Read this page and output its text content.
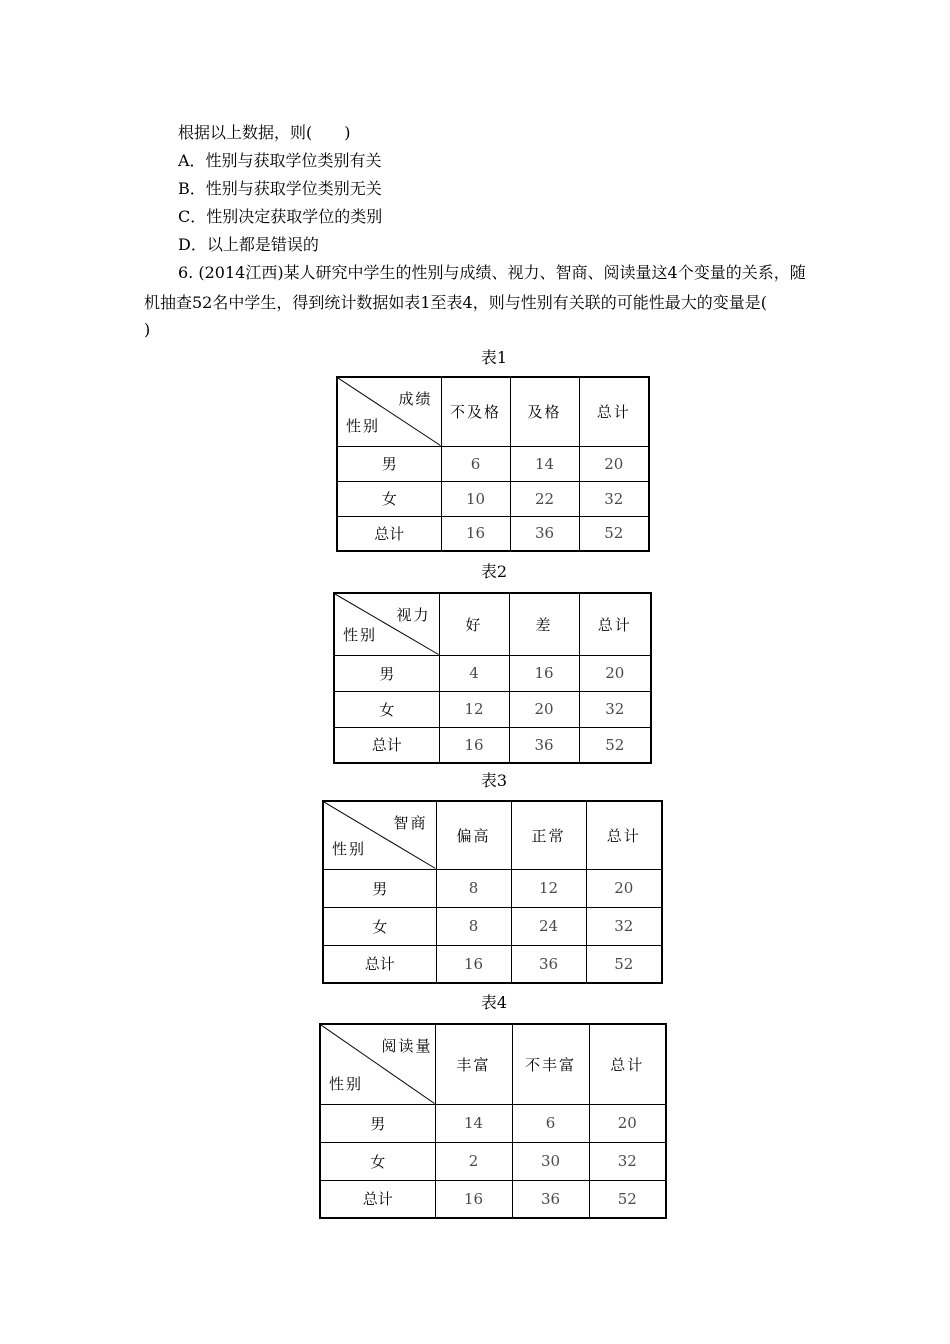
根据以上数据，则(　　)
A．性别与获取学位类别有关
B．性别与获取学位类别无关
C．性别决定获取学位的类别
D．以上都是错误的
6. (2014江西)某人研究中学生的性别与成绩、视力、智商、阅读量这4个变量的关系，随
机抽查52名中学生，得到统计数据如表1至表4，则与性别有关联的可能性最大的变量是(
)
表1
成绩
性别	不及格	及格	总计
男	6	14	20
女	10	22	32
总计	16	36	52
表2
视力
性别	好	差	总计
男	4	16	20
女	12	20	32
总计	16	36	52
表3
智商
性别	偏高	正常	总计
男	8	12	20
女	8	24	32
总计	16	36	52
表4
阅读量
性别	丰富	不丰富	总计
男	14	6	20
女	2	30	32
总计	16	36	52
